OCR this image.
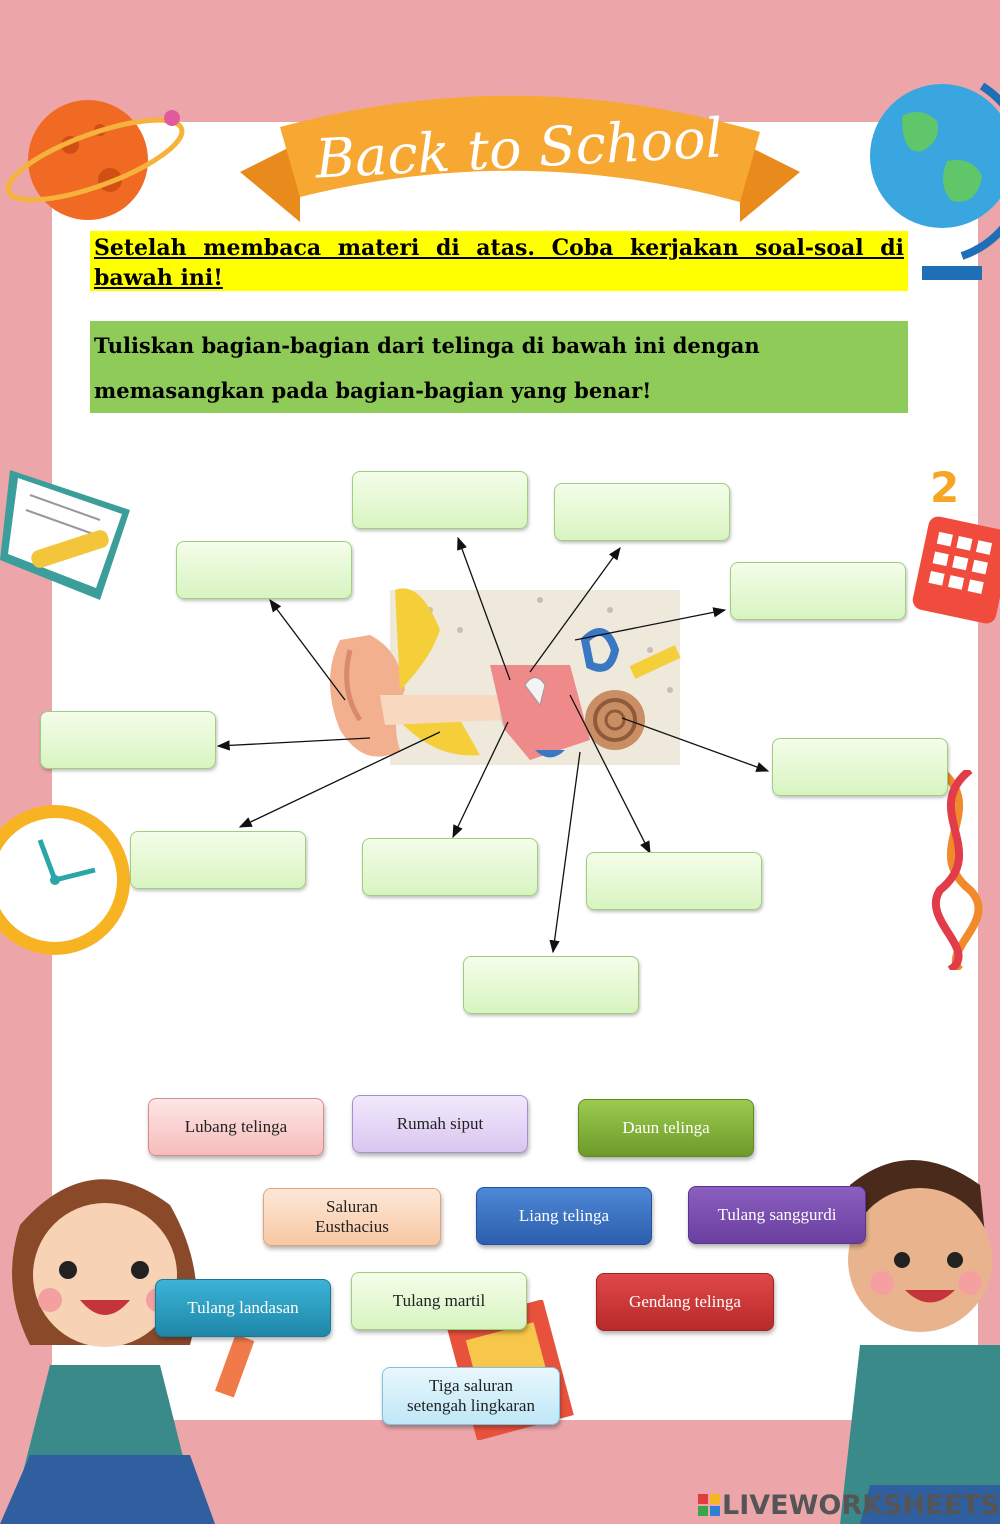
Back to School
2
Setelah membaca materi di atas. Coba kerjakan soal-soal di bawah ini!
Tuliskan bagian-bagian dari telinga di bawah ini dengan memasangkan pada bagian-bagian yang benar!
Lubang telinga	Rumah siput	Daun telinga
Saluran Eusthacius
Liang telinga	Tulang sanggurdi
Tulang landasan	Tulang martil	Gendang telinga
Tiga saluran setengah lingkaran
LIVEWORKSHEETS
